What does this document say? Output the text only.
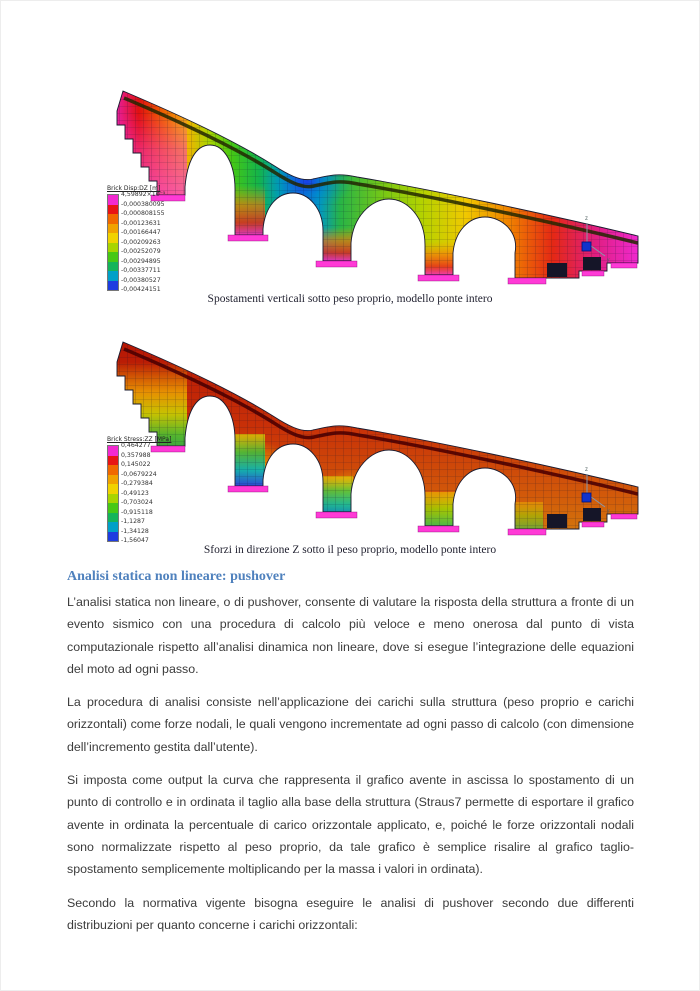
Brick Disp:DZ [m]
4,59892×10⁻⁵
-0,000380095
-0,000808155
-0,00123631
-0,00166447
-0,00209263
-0,00252079
-0,00294895
-0,00337711
-0,00380527
-0,00424151
z
y
Spostamenti verticali sotto peso proprio, modello ponte intero
Brick Stress:ZZ [MPa]
0,464277
0,357988
0,145022
-0,0679224
-0,279384
-0,49123
-0,703024
-0,915118
-1,1287
-1,34128
-1,56047
z
y
Sforzi in direzione Z sotto il peso proprio, modello ponte intero
Analisi statica non lineare: pushover

L’analisi statica non lineare, o di pushover, consente di valutare la risposta della struttura a fronte di un evento sismico con una procedura di calcolo più veloce e meno onerosa dal punto di vista computazionale rispetto all’analisi dinamica non lineare, dove si esegue l’integrazione delle equazioni del moto ad ogni passo.

La procedura di analisi consiste nell’applicazione dei carichi sulla struttura (peso proprio e carichi orizzontali) come forze nodali, le quali vengono incrementate ad ogni passo di calcolo (con dimensione dell’incremento gestita dall’utente).

Si imposta come output la curva che rappresenta il grafico avente in ascissa lo spostamento di un punto di controllo e in ordinata il taglio alla base della struttura (Straus7 permette di esportare il grafico avente in ordinata la percentuale di carico orizzontale applicato, e, poiché le forze orizzontali nodali sono normalizzate rispetto al peso proprio, da tale grafico è semplice risalire al grafico taglio-spostamento semplicemente moltiplicando per la massa i valori in ordinata).

Secondo la normativa vigente bisogna eseguire le analisi di pushover secondo due differenti distribuzioni per quanto concerne i carichi orizzontali:
